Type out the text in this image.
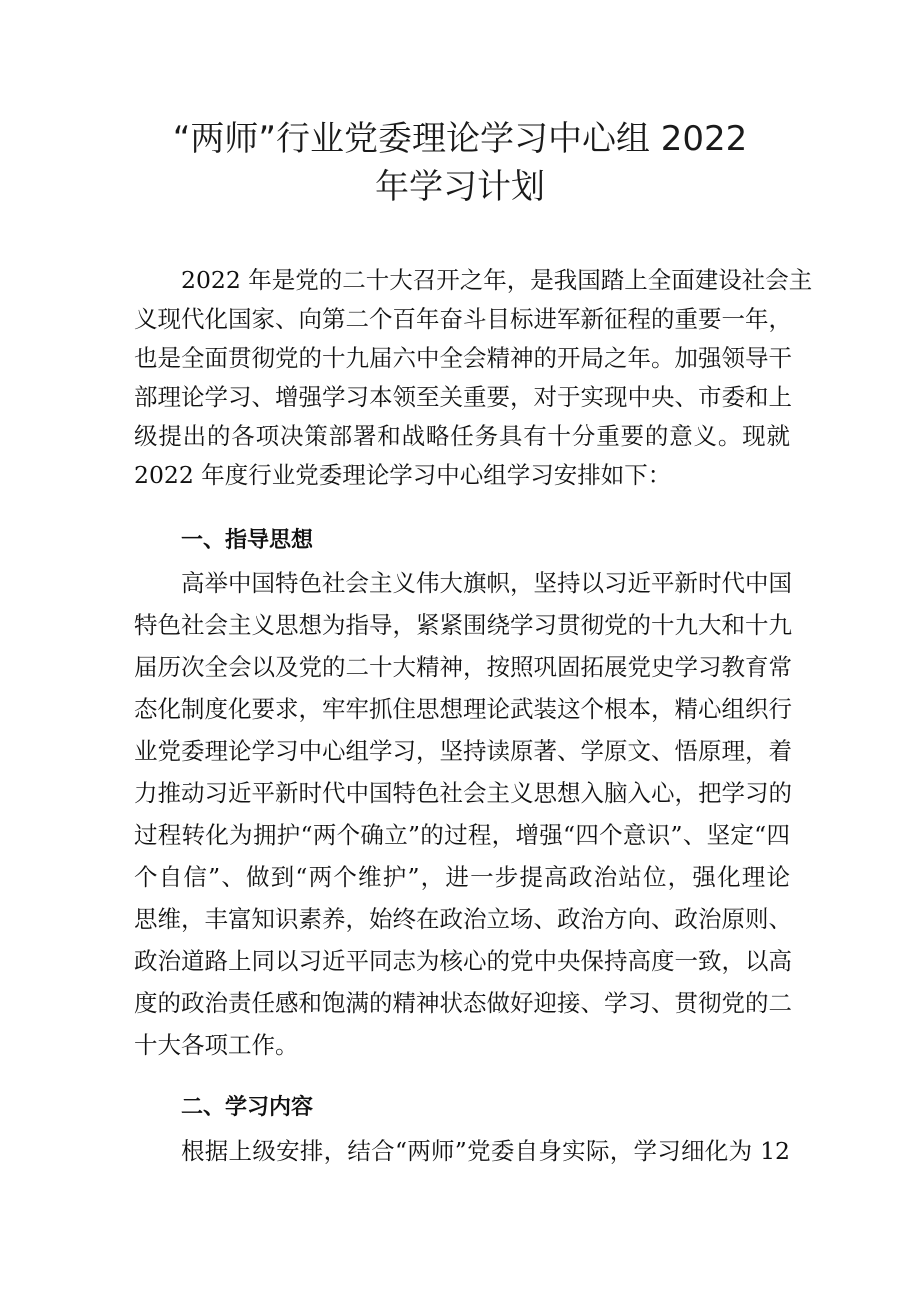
“两师”行业党委理论学习中心组 2022
年学习计划
2022 年是党的二十大召开之年，是我国踏上全面建设社会主
义现代化国家、向第二个百年奋斗目标进军新征程的重要一年，
也是全面贯彻党的十九届六中全会精神的开局之年。加强领导干
部理论学习、增强学习本领至关重要，对于实现中央、市委和上
级提出的各项决策部署和战略任务具有十分重要的意义。现就
2022 年度行业党委理论学习中心组学习安排如下：
一、指导思想
高举中国特色社会主义伟大旗帜，坚持以习近平新时代中国
特色社会主义思想为指导，紧紧围绕学习贯彻党的十九大和十九
届历次全会以及党的二十大精神，按照巩固拓展党史学习教育常
态化制度化要求，牢牢抓住思想理论武装这个根本，精心组织行
业党委理论学习中心组学习，坚持读原著、学原文、悟原理，着
力推动习近平新时代中国特色社会主义思想入脑入心，把学习的
过程转化为拥护“两个确立”的过程，增强“四个意识”、坚定“四
个自信”、做到“两个维护”，进一步提高政治站位，强化理论
思维，丰富知识素养，始终在政治立场、政治方向、政治原则、
政治道路上同以习近平同志为核心的党中央保持高度一致，以高
度的政治责任感和饱满的精神状态做好迎接、学习、贯彻党的二
十大各项工作。
二、学习内容
根据上级安排，结合“两师”党委自身实际，学习细化为 12
